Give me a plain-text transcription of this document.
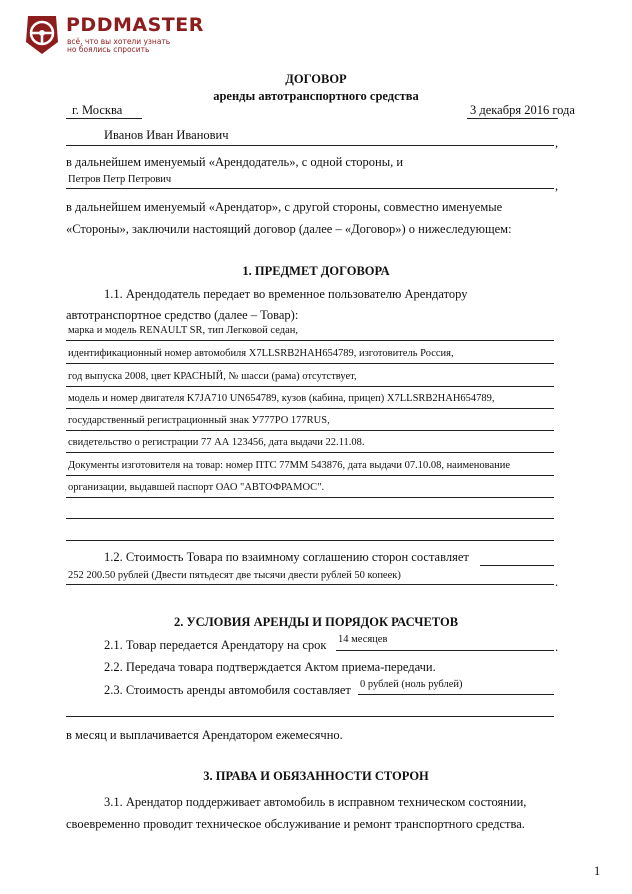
PDDMASTER
всё, что вы хотели узнать
но боялись спросить
ДОГОВОР
аренды автотранспортного средства
г. Москва	3 декабря 2016 года
Иванов Иван Иванович
,
в дальнейшем именуемый «Арендодатель», с одной стороны, и
Петров Петр Петрович	,
в дальнейшем именуемый «Арендатор», с другой стороны, совместно именуемые
«Стороны», заключили настоящий договор (далее – «Договор») о нижеследующем:
1. ПРЕДМЕТ ДОГОВОРА
1.1. Арендодатель передает во временное пользователю Арендатору
автотранспортное средство (далее – Товар):
марка и модель RENAULT SR, тип Легковой седан,
идентификационный номер автомобиля X7LLSRB2HAH654789, изготовитель Россия,
год выпуска 2008, цвет КРАСНЫЙ, № шасси (рама) отсутствует,
модель и номер двигателя K7JA710 UN654789, кузов (кабина, прицеп) X7LLSRB2HAH654789,
государственный регистрационный знак У777РО 177RUS,
свидетельство о регистрации 77 АА 123456, дата выдачи 22.11.08.
Документы изготовителя на товар: номер ПТС 77ММ 543876, дата выдачи 07.10.08, наименование
организации, выдавшей паспорт ОАО "АВТОФРАМОС".
1.2. Стоимость Товара по взаимному соглашению сторон составляет
252 200.50 рублей (Двести пятьдесят две тысячи двести рублей 50 копеек)	.
2. УСЛОВИЯ АРЕНДЫ И ПОРЯДОК РАСЧЕТОВ
2.1. Товар передается Арендатору на срок 14 месяцев
.
2.2. Передача товара подтверждается Актом приема-передачи.
2.3. Стоимость аренды автомобиля составляет 0 рублей (ноль рублей)
в месяц и выплачивается Арендатором ежемесячно.
3. ПРАВА И ОБЯЗАННОСТИ СТОРОН
3.1. Арендатор поддерживает автомобиль в исправном техническом состоянии,
своевременно проводит техническое обслуживание и ремонт транспортного средства.
1
